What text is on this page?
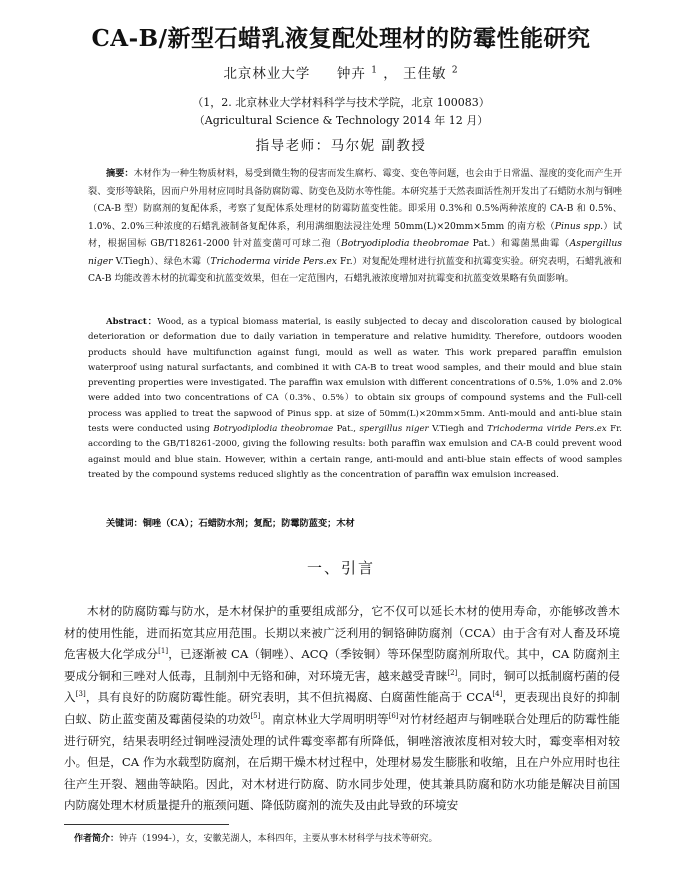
CA-B/新型石蜡乳液复配处理材的防霉性能研究
北京林业大学 钟卉 $^1$ ， 王佳敏 $^2$
（1，2. 北京林业大学材料科学与技术学院，北京 100083）
（Agricultural Science & Technology 2014 年 12 月）
指导老师：马尔妮 副教授
摘要：木材作为一种生物质材料，易受到微生物的侵害而发生腐朽、霉变、变色等问题，也会由于日常温、湿度的变化而产生开裂、变形等缺陷，因而户外用材应同时具备防腐防霉、防变色及防水等性能。本研究基于天然表面活性剂开发出了石蜡防水剂与铜唑（CA-B 型）防腐剂的复配体系，考察了复配体系处理材的防霉防蓝变性能。即采用 0.3%和 0.5%两种浓度的 CA-B 和 0.5%、1.0%、2.0%三种浓度的石蜡乳液制备复配体系，利用满细胞法浸注处理 50mm(L)×20mm×5mm 的南方松（Pinus spp.）试材，根据国标 GB/T18261-2000 针对蓝变菌可可球二孢（Botryodiplodia theobromae Pat.）和霉菌黑曲霉（Aspergillus niger V.Tiegh）、绿色木霉（Trichoderma viride Pers.ex Fr.）对复配处理材进行抗蓝变和抗霉变实验。研究表明，石蜡乳液和 CA-B 均能改善木材的抗霉变和抗蓝变效果，但在一定范围内，石蜡乳液浓度增加对抗霉变和抗蓝变效果略有负面影响。
Abstract：Wood, as a typical biomass material, is easily subjected to decay and discoloration caused by biological deterioration or deformation due to daily variation in temperature and relative humidity. Therefore, outdoors wooden products should have multifunction against fungi, mould as well as water. This work prepared paraffin emulsion waterproof using natural surfactants, and combined it with CA-B to treat wood samples, and their mould and blue stain preventing properties were investigated. The paraffin wax emulsion with different concentrations of 0.5%, 1.0% and 2.0% were added into two concentrations of CA（0.3%、0.5%）to obtain six groups of compound systems and the Full-cell process was applied to treat the sapwood of Pinus spp. at size of 50mm(L)×20mm×5mm. Anti-mould and anti-blue stain tests were conducted using Botryodiplodia theobromae Pat., spergillus niger V.Tiegh and Trichoderma viride Pers.ex Fr. according to the GB/T18261-2000, giving the following results: both paraffin wax emulsion and CA-B could prevent wood against mould and blue stain. However, within a certain range, anti-mould and anti-blue stain effects of wood samples treated by the compound systems reduced slightly as the concentration of paraffin wax emulsion increased.
关键词：铜唑（CA）；石蜡防水剂；复配；防霉防蓝变；木材
一、引言

木材的防腐防霉与防水，是木材保护的重要组成部分，它不仅可以延长木材的使用寿命，亦能够改善木材的使用性能，进而拓宽其应用范围。长期以来被广泛利用的铜铬砷防腐剂（CCA）由于含有对人畜及环境危害极大化学成分[1]，已逐渐被 CA（铜唑）、ACQ（季铵铜）等环保型防腐剂所取代。其中，CA 防腐剂主要成分铜和三唑对人低毒，且制剂中无铬和砷，对环境无害，越来越受青睐[2]。同时，铜可以抵制腐朽菌的侵入[3]，具有良好的防腐防霉性能。研究表明，其不但抗褐腐、白腐菌性能高于 CCA[4]，更表现出良好的抑制白蚁、防止蓝变菌及霉菌侵染的功效[5]。南京林业大学周明明等[6]对竹材经超声与铜唑联合处理后的防霉性能进行研究，结果表明经过铜唑浸渍处理的试件霉变率都有所降低，铜唑溶液浓度相对较大时，霉变率相对较小。 但是，CA 作为水载型防腐剂，在后期干燥木材过程中，处理材易发生膨胀和收缩，且在户外应用时也往往产生开裂、翘曲等缺陷。因此，对木材进行防腐、防水同步处理，使其兼具防腐和防水功能是解决目前国内防腐处理木材质量提升的瓶颈问题、降低防腐剂的流失及由此导致的环境安

作者简介：钟卉（1994-），女，安徽芜湖人，本科四年，主要从事木材科学与技术等研究。
